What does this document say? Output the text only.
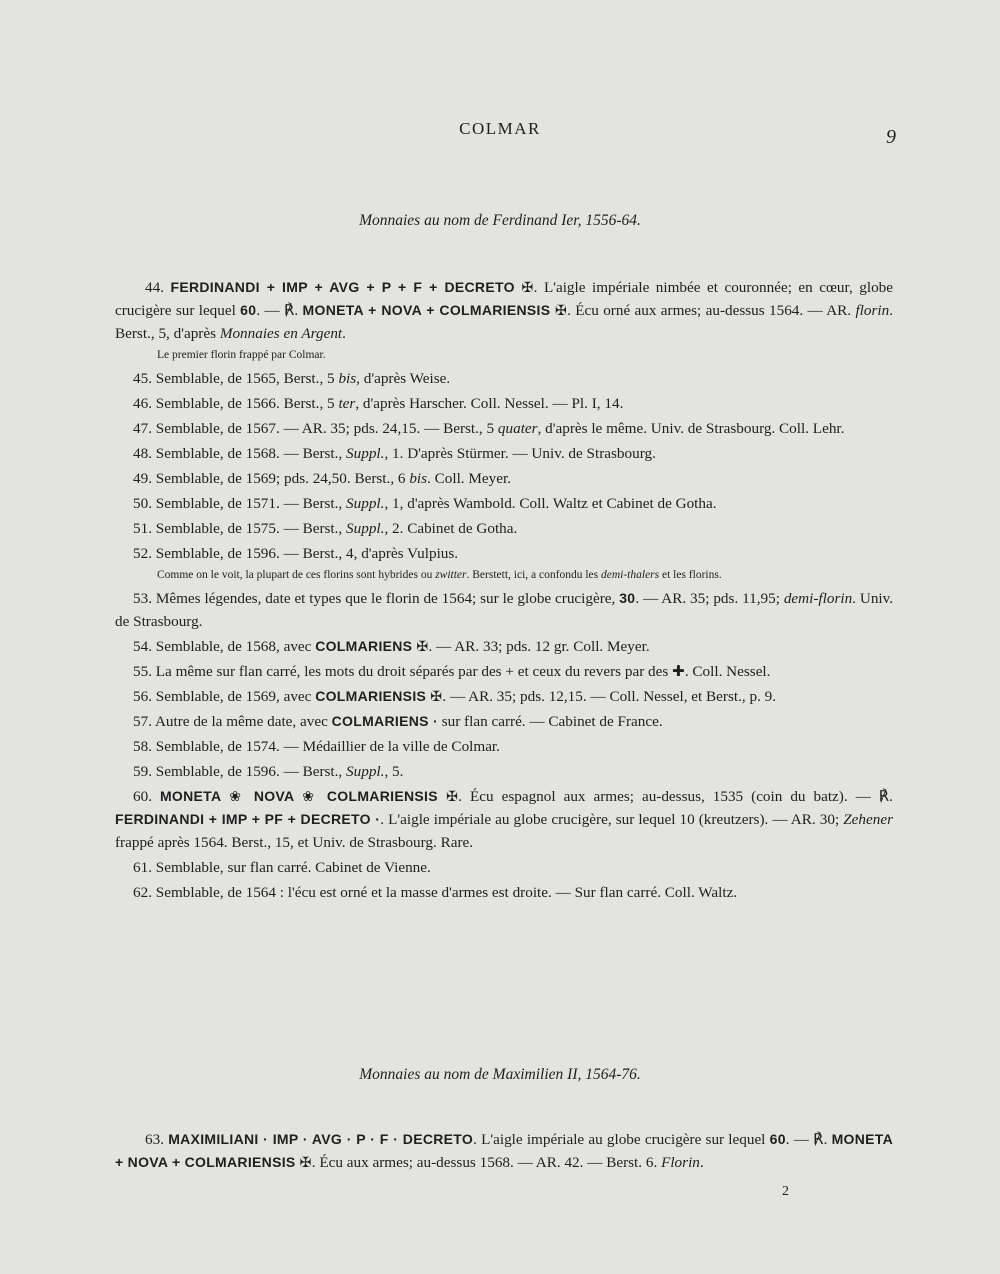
COLMAR	9
Monnaies au nom de Ferdinand Ier, 1556-64.
44. FERDINANDI + IMP + AVG + P + F + DECRETO ✠. L'aigle impériale nimbée et couronnée; en cœur, globe crucigère sur lequel 60. — ℟. MONETA + NOVA + COLMARIENSIS ✠. Écu orné aux armes; au-dessus 1564. — AR. florin. Berst., 5, d'après Monnaies en Argent.
Le premier florin frappé par Colmar.
45. Semblable, de 1565, Berst., 5 bis, d'après Weise.
46. Semblable, de 1566. Berst., 5 ter, d'après Harscher. Coll. Nessel. — Pl. I, 14.
47. Semblable, de 1567. — AR. 35; pds. 24,15. — Berst., 5 quater, d'après le même. Univ. de Strasbourg. Coll. Lehr.
48. Semblable, de 1568. — Berst., Suppl., 1. D'après Stürmer. — Univ. de Strasbourg.
49. Semblable, de 1569; pds. 24,50. Berst., 6 bis. Coll. Meyer.
50. Semblable, de 1571. — Berst., Suppl., 1, d'après Wambold. Coll. Waltz et Cabinet de Gotha.
51. Semblable, de 1575. — Berst., Suppl., 2. Cabinet de Gotha.
52. Semblable, de 1596. — Berst., 4, d'après Vulpius.
Comme on le voit, la plupart de ces florins sont hybrides ou zwitter. Berstett, ici, a confondu les demi-thalers et les florins.
53. Mêmes légendes, date et types que le florin de 1564; sur le globe crucigère, 30. — AR. 35; pds. 11,95; demi-florin. Univ. de Strasbourg.
54. Semblable, de 1568, avec COLMARIENS ✠. — AR. 33; pds. 12 gr. Coll. Meyer.
55. La même sur flan carré, les mots du droit séparés par des + et ceux du revers par des ✚. Coll. Nessel.
56. Semblable, de 1569, avec COLMARIENSIS ✠. — AR. 35; pds. 12,15. — Coll. Nessel, et Berst., p. 9.
57. Autre de la même date, avec COLMARIENS · sur flan carré. — Cabinet de France.
58. Semblable, de 1574. — Médaillier de la ville de Colmar.
59. Semblable, de 1596. — Berst., Suppl., 5.
60. MONETA ❀ NOVA ❀ COLMARIENSIS ✠. Écu espagnol aux armes; au-dessus, 1535 (coin du batz). — ℟. FERDINANDI + IMP + PF + DECRETO ·. L'aigle impériale au globe crucigère, sur lequel 10 (kreutzers). — AR. 30; Zehener frappé après 1564. Berst., 15, et Univ. de Strasbourg. Rare.
61. Semblable, sur flan carré. Cabinet de Vienne.
62. Semblable, de 1564 : l'écu est orné et la masse d'armes est droite. — Sur flan carré. Coll. Waltz.
Monnaies au nom de Maximilien II, 1564-76.
63. MAXIMILIANI · IMP · AVG · P · F · DECRETO. L'aigle impériale au globe crucigère sur lequel 60. — ℟. MONETA + NOVA + COLMARIENSIS ✠. Écu aux armes; au-dessus 1568. — AR. 42. — Berst. 6. Florin.
2
